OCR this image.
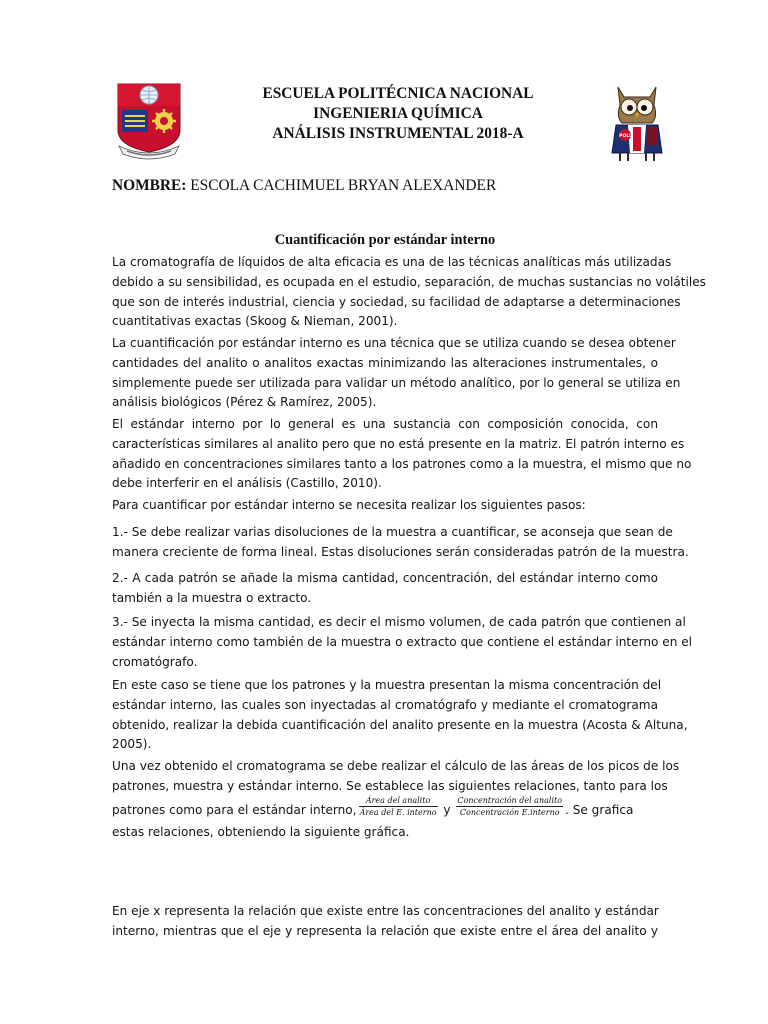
POLI
ESCUELA POLITÉCNICA NACIONAL
INGENIERIA QUÍMICA
ANÁLISIS INSTRUMENTAL 2018-A
NOMBRE: ESCOLA CACHIMUEL BRYAN ALEXANDER
Cuantificación por estándar interno
La cromatografía de líquidos de alta eficacia es una de las técnicas analíticas más utilizadas
debido a su sensibilidad, es ocupada en el estudio, separación, de muchas sustancias no volátiles
que son de interés industrial, ciencia y sociedad, su facilidad de adaptarse a determinaciones
cuantitativas exactas (Skoog & Nieman, 2001).
La cuantificación por estándar interno es una técnica que se utiliza cuando se desea obtener
cantidades del analito o analitos exactas minimizando las alteraciones instrumentales, o
simplemente puede ser utilizada para validar un método analítico, por lo general se utiliza en
análisis biológicos (Pérez & Ramírez, 2005).
El estándar interno por lo general es una sustancia con composición conocida, con
características similares al analito pero que no está presente en la matriz. El patrón interno es
añadido en concentraciones similares tanto a los patrones como a la muestra, el mismo que no
debe interferir en el análisis (Castillo, 2010).
Para cuantificar por estándar interno se necesita realizar los siguientes pasos:
1.- Se debe realizar varias disoluciones de la muestra a cuantificar, se aconseja que sean de
manera creciente de forma lineal. Estas disoluciones serán consideradas patrón de la muestra.
2.- A cada patrón se añade la misma cantidad, concentración, del estándar interno como
también a la muestra o extracto.
3.- Se inyecta la misma cantidad, es decir el mismo volumen, de cada patrón que contienen al
estándar interno como también de la muestra o extracto que contiene el estándar interno en el
cromatógrafo.
En este caso se tiene que los patrones y la muestra presentan la misma concentración del
estándar interno, las cuales son inyectadas al cromatógrafo y mediante el cromatograma
obtenido, realizar la debida cuantificación del analito presente en la muestra (Acosta & Altuna,
2005).
Una vez obtenido el cromatograma se debe realizar el cálculo de las áreas de los picos de los
patrones, muestra y estándar interno. Se establece las siguientes relaciones, tanto para los
patrones como para el estándar interno, $\frac{\text{Área del analito}}{\text{Área del E. interno}}$ y $\frac{\text{Concentración del analito}}{\text{Concentración E.interno}}$ . Se grafica
estas relaciones, obteniendo la siguiente gráfica.
En eje x representa la relación que existe entre las concentraciones del analito y estándar
interno, mientras que el eje y representa la relación que existe entre el área del analito y
